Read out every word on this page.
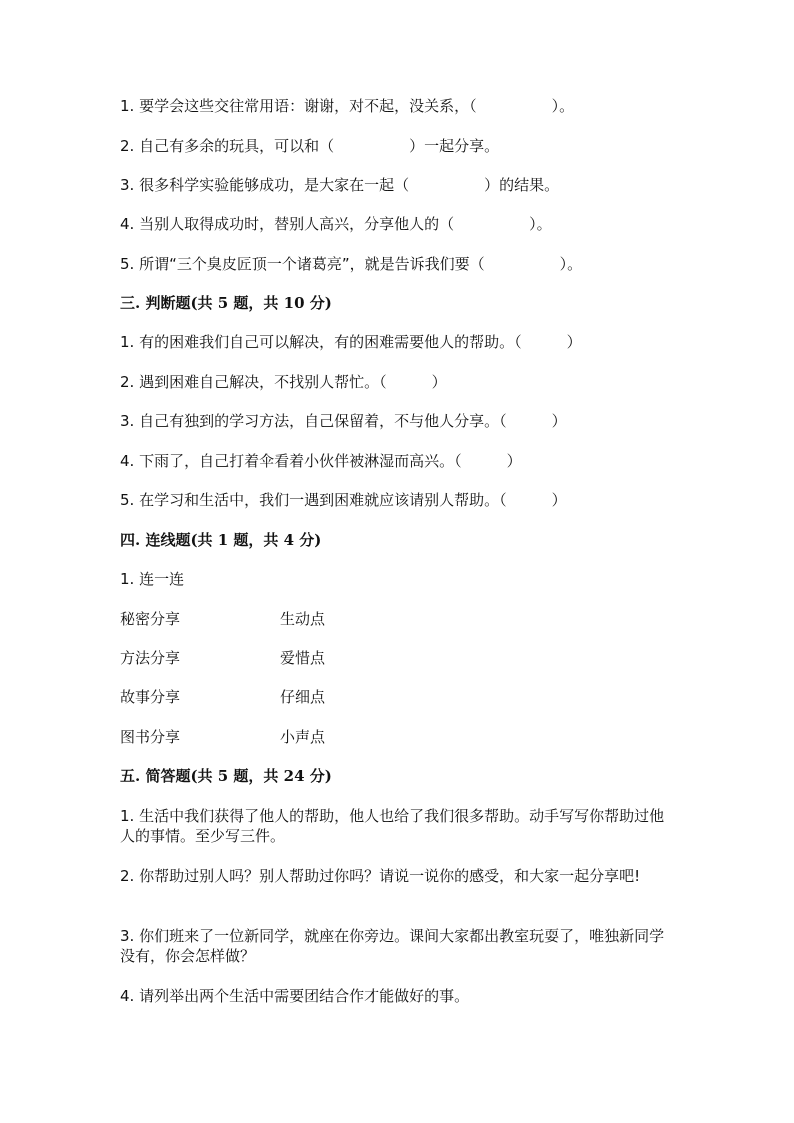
1. 要学会这些交往常用语：谢谢，对不起，没关系，（　　　　　）。
2. 自己有多余的玩具，可以和（　　　　　）一起分享。
3. 很多科学实验能够成功，是大家在一起（　　　　　）的结果。
4. 当别人取得成功时，替别人高兴，分享他人的（　　　　　）。
5. 所谓“三个臭皮匠顶一个诸葛亮”，就是告诉我们要（　　　　　）。
三. 判断题(共 5 题，共 10 分)
1. 有的困难我们自己可以解决，有的困难需要他人的帮助。（　　　）
2. 遇到困难自己解决，不找别人帮忙。（　　　）
3. 自己有独到的学习方法，自己保留着，不与他人分享。（　　　）
4. 下雨了，自己打着伞看着小伙伴被淋湿而高兴。（　　　）
5. 在学习和生活中，我们一遇到困难就应该请别人帮助。（　　　）
四. 连线题(共 1 题，共 4 分)
1. 连一连
秘密分享	生动点
方法分享	爱惜点
故事分享	仔细点
图书分享	小声点
五. 简答题(共 5 题，共 24 分)
1. 生活中我们获得了他人的帮助，他人也给了我们很多帮助。动手写写你帮助过他人的事情。至少写三件。
2. 你帮助过别人吗？别人帮助过你吗？请说一说你的感受，和大家一起分享吧!
3. 你们班来了一位新同学，就座在你旁边。课间大家都出教室玩耍了，唯独新同学没有，你会怎样做？
4. 请列举出两个生活中需要团结合作才能做好的事。
